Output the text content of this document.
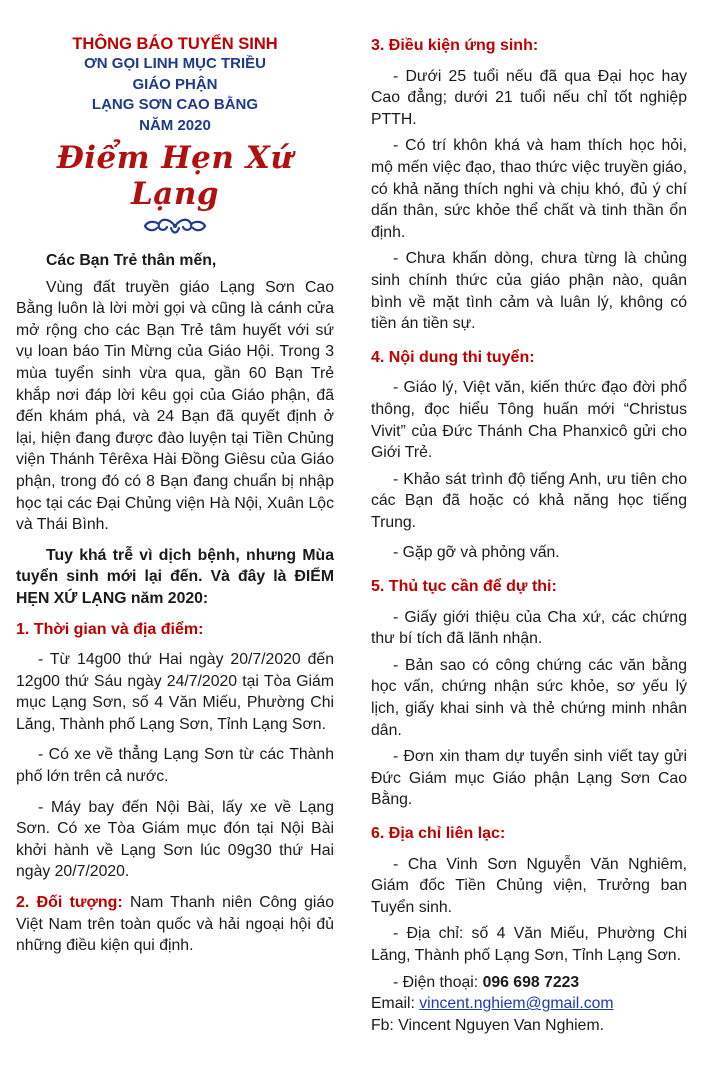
THÔNG BÁO TUYỂN SINH
ƠN GỌI LINH MỤC TRIỀU
GIÁO PHẬN
LẠNG SƠN CAO BẰNG
NĂM 2020
Điểm Hẹn Xứ Lạng

Các Bạn Trẻ thân mến,

Vùng đất truyền giáo Lạng Sơn Cao Bằng luôn là lời mời gọi và cũng là cánh cửa mở rộng cho các Bạn Trẻ tâm huyết với sứ vụ loan báo Tin Mừng của Giáo Hội. Trong 3 mùa tuyển sinh vừa qua, gần 60 Bạn Trẻ khắp nơi đáp lời kêu gọi của Giáo phận, đã đến khám phá, và 24 Bạn đã quyết định ở lại, hiện đang được đào luyện tại Tiền Chủng viện Thánh Têrêxa Hài Đồng Giêsu của Giáo phận, trong đó có 8 Bạn đang chuẩn bị nhập học tại các Đại Chủng viện Hà Nội, Xuân Lộc và Thái Bình.

Tuy khá trễ vì dịch bệnh, nhưng Mùa tuyển sinh mới lại đến. Và đây là ĐIỂM HẸN XỨ LẠNG năm 2020:

1. Thời gian và địa điểm:

- Từ 14g00 thứ Hai ngày 20/7/2020 đến 12g00 thứ Sáu ngày 24/7/2020 tại Tòa Giám mục Lạng Sơn, số 4 Văn Miếu, Phường Chi Lăng, Thành phố Lạng Sơn, Tỉnh Lạng Sơn.

- Có xe về thẳng Lạng Sơn từ các Thành phố lớn trên cả nước.

- Máy bay đến Nội Bài, lấy xe về Lạng Sơn. Có xe Tòa Giám mục đón tại Nội Bài khởi hành về Lạng Sơn lúc 09g30 thứ Hai ngày 20/7/2020.

2. Đối tượng: Nam Thanh niên Công giáo Việt Nam trên toàn quốc và hải ngoại hội đủ những điều kiện qui định.

3. Điều kiện ứng sinh:

- Dưới 25 tuổi nếu đã qua Đại học hay Cao đẳng; dưới 21 tuổi nếu chỉ tốt nghiệp PTTH.

- Có trí khôn khá và ham thích học hỏi, mộ mến việc đạo, thao thức việc truyền giáo, có khả năng thích nghi và chịu khó, đủ ý chí dấn thân, sức khỏe thể chất và tinh thần ổn định.

- Chưa khấn dòng, chưa từng là chủng sinh chính thức của giáo phận nào, quân bình về mặt tình cảm và luân lý, không có tiền án tiền sự.

4. Nội dung thi tuyển:

- Giáo lý, Việt văn, kiến thức đạo đời phổ thông, đọc hiểu Tông huấn mới “Christus Vivit” của Đức Thánh Cha Phanxicô gửi cho Giới Trẻ.

- Khảo sát trình độ tiếng Anh, ưu tiên cho các Bạn đã hoặc có khả năng học tiếng Trung.

- Gặp gỡ và phỏng vấn.

5. Thủ tục cần để dự thi:

- Giấy giới thiệu của Cha xứ, các chứng thư bí tích đã lãnh nhận.

- Bản sao có công chứng các văn bằng học vấn, chứng nhận sức khỏe, sơ yếu lý lịch, giấy khai sinh và thẻ chứng minh nhân dân.

- Đơn xin tham dự tuyển sinh viết tay gửi Đức Giám mục Giáo phận Lạng Sơn Cao Bằng.

6. Địa chỉ liên lạc:

- Cha Vinh Sơn Nguyễn Văn Nghiêm, Giám đốc Tiền Chủng viện, Trưởng ban Tuyển sinh.

- Địa chỉ: số 4 Văn Miếu, Phường Chi Lăng, Thành phố Lạng Sơn, Tỉnh Lạng Sơn.

- Điện thoại: 096 698 7223

Email: vincent.nghiem@gmail.com

Fb: Vincent Nguyen Van Nghiem.
